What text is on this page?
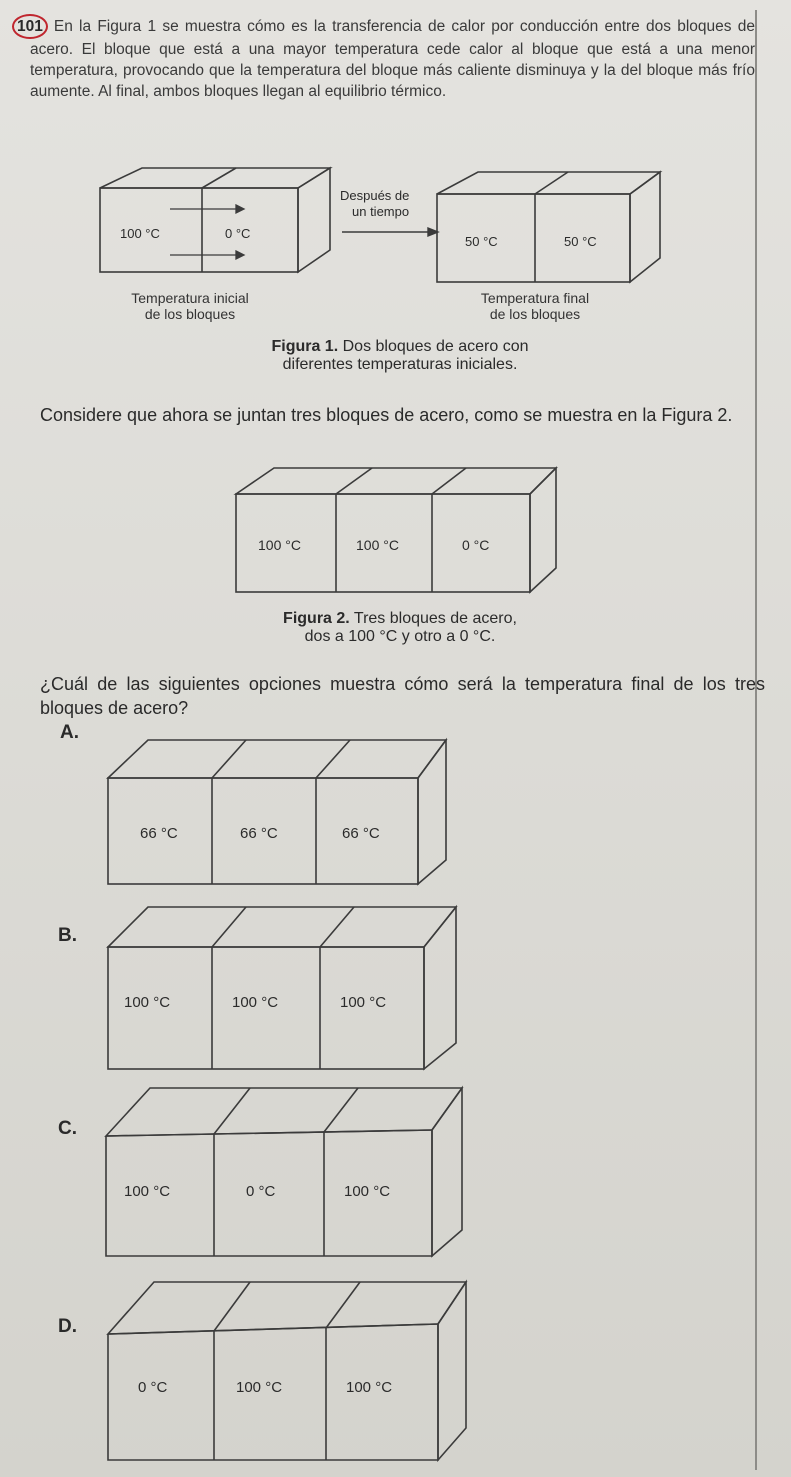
101 En la Figura 1 se muestra cómo es la transferencia de calor por conducción entre dos bloques de acero. El bloque que está a una mayor temperatura cede calor al bloque que está a una menor temperatura, provocando que la temperatura del bloque más caliente disminuya y la del bloque más frío aumente. Al final, ambos bloques llegan al equilibrio térmico.
100 °C	0 °C
Después de
un tiempo
50 °C	50 °C
Temperatura inicial
de los bloques
Temperatura final
de los bloques
Figura 1. Dos bloques de acero con
diferentes temperaturas iniciales.
Considere que ahora se juntan tres bloques de acero, como se muestra en la Figura 2.
100 °C	100 °C	0 °C
Figura 2. Tres bloques de acero,
dos a 100 °C y otro a 0 °C.
¿Cuál de las siguientes opciones muestra cómo será la temperatura final de los tres bloques de acero?
A.
66 °C	66 °C	66 °C
B.
100 °C	100 °C	100 °C
C.
100 °C	0 °C	100 °C
D.
0 °C	100 °C	100 °C
